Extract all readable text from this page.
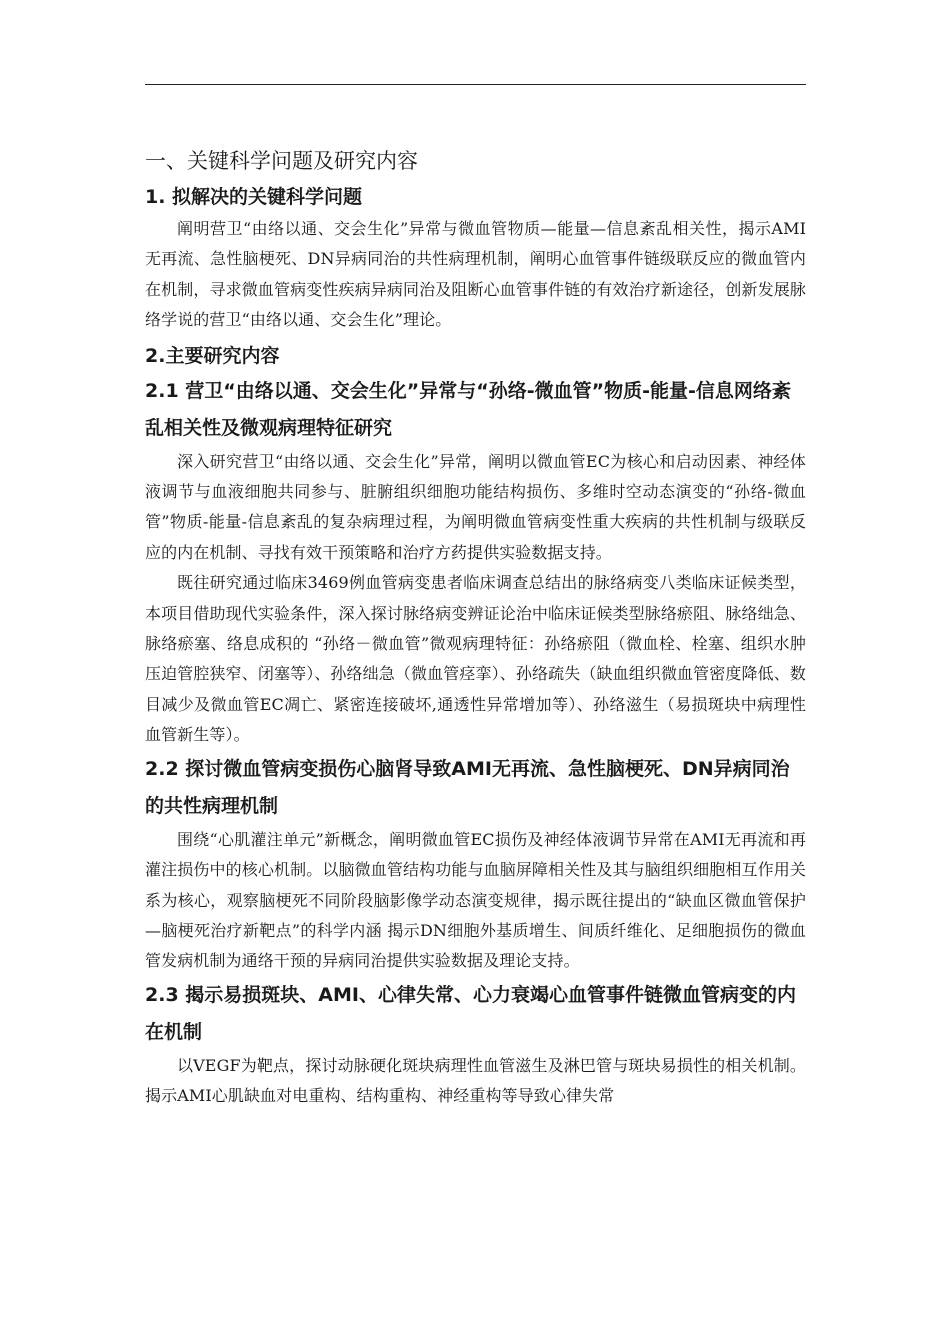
一、关键科学问题及研究内容
1. 拟解决的关键科学问题

阐明营卫“由络以通、交会生化”异常与微血管物质—能量—信息紊乱相关性，揭示AMI无再流、急性脑梗死、DN异病同治的共性病理机制，阐明心血管事件链级联反应的微血管内在机制，寻求微血管病变性疾病异病同治及阻断心血管事件链的有效治疗新途径，创新发展脉络学说的营卫“由络以通、交会生化”理论。

2.主要研究内容
2.1 营卫“由络以通、交会生化”异常与“孙络-微血管”物质-能量-信息网络紊乱相关性及微观病理特征研究

深入研究营卫“由络以通、交会生化”异常，阐明以微血管EC为核心和启动因素、神经体液调节与血液细胞共同参与、脏腑组织细胞功能结构损伤、多维时空动态演变的“孙络-微血管”物质-能量-信息紊乱的复杂病理过程，为阐明微血管病变性重大疾病的共性机制与级联反应的内在机制、寻找有效干预策略和治疗方药提供实验数据支持。

既往研究通过临床3469例血管病变患者临床调查总结出的脉络病变八类临床证候类型，本项目借助现代实验条件，深入探讨脉络病变辨证论治中临床证候类型脉络瘀阻、脉络绌急、脉络瘀塞、络息成积的 “孙络－微血管”微观病理特征：孙络瘀阻（微血栓、栓塞、组织水肿压迫管腔狭窄、闭塞等）、孙络绌急（微血管痉挛）、孙络疏失（缺血组织微血管密度降低、数目减少及微血管EC凋亡、紧密连接破坏,通透性异常增加等）、孙络滋生（易损斑块中病理性血管新生等）。

2.2 探讨微血管病变损伤心脑肾导致AMI无再流、急性脑梗死、DN异病同治的共性病理机制

围绕“心肌灌注单元”新概念，阐明微血管EC损伤及神经体液调节异常在AMI无再流和再灌注损伤中的核心机制。以脑微血管结构功能与血脑屏障相关性及其与脑组织细胞相互作用关系为核心，观察脑梗死不同阶段脑影像学动态演变规律，揭示既往提出的“缺血区微血管保护—脑梗死治疗新靶点”的科学内涵 揭示DN细胞外基质增生、间质纤维化、足细胞损伤的微血管发病机制为通络干预的异病同治提供实验数据及理论支持。

2.3 揭示易损斑块、AMI、心律失常、心力衰竭心血管事件链微血管病变的内在机制

以VEGF为靶点，探讨动脉硬化斑块病理性血管滋生及淋巴管与斑块易损性的相关机制。揭示AMI心肌缺血对电重构、结构重构、神经重构等导致心律失常
